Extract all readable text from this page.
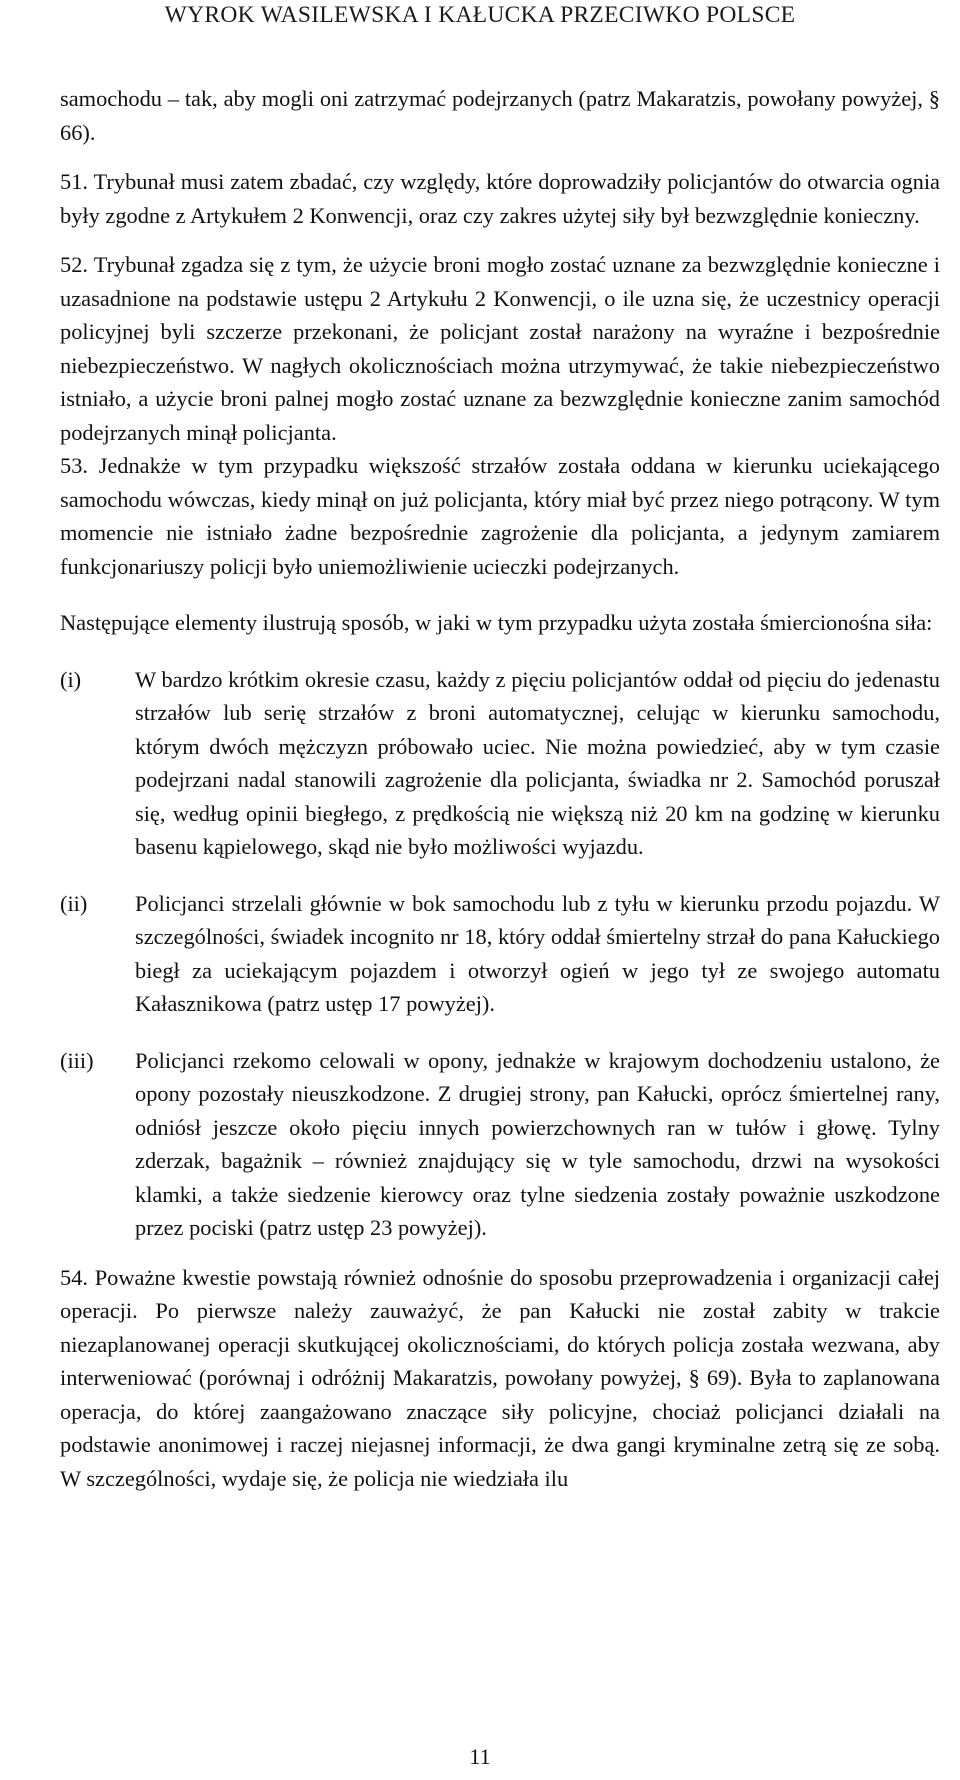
WYROK WASILEWSKA I KAŁUCKA PRZECIWKO POLSCE

samochodu – tak, aby mogli oni zatrzymać podejrzanych (patrz Makaratzis, powołany powyżej, § 66).

51. Trybunał musi zatem zbadać, czy względy, które doprowadziły policjantów do otwarcia ognia były zgodne z Artykułem 2 Konwencji, oraz czy zakres użytej siły był bezwzględnie konieczny.

52. Trybunał zgadza się z tym, że użycie broni mogło zostać uznane za bezwzględnie konieczne i uzasadnione na podstawie ustępu 2 Artykułu 2 Konwencji, o ile uzna się, że uczestnicy operacji policyjnej byli szczerze przekonani, że policjant został narażony na wyraźne i bezpośrednie niebezpieczeństwo. W nagłych okolicznościach można utrzymywać, że takie niebezpieczeństwo istniało, a użycie broni palnej mogło zostać uznane za bezwzględnie konieczne zanim samochód podejrzanych minął policjanta.

53. Jednakże w tym przypadku większość strzałów została oddana w kierunku uciekającego samochodu wówczas, kiedy minął on już policjanta, który miał być przez niego potrącony. W tym momencie nie istniało żadne bezpośrednie zagrożenie dla policjanta, a jedynym zamiarem funkcjonariuszy policji było uniemożliwienie ucieczki podejrzanych.

Następujące elementy ilustrują sposób, w jaki w tym przypadku użyta została śmiercionośna siła:

(i) W bardzo krótkim okresie czasu, każdy z pięciu policjantów oddał od pięciu do jedenastu strzałów lub serię strzałów z broni automatycznej, celując w kierunku samochodu, którym dwóch mężczyzn próbowało uciec. Nie można powiedzieć, aby w tym czasie podejrzani nadal stanowili zagrożenie dla policjanta, świadka nr 2. Samochód poruszał się, według opinii biegłego, z prędkością nie większą niż 20 km na godzinę w kierunku basenu kąpielowego, skąd nie było możliwości wyjazdu.
(ii) Policjanci strzelali głównie w bok samochodu lub z tyłu w kierunku przodu pojazdu. W szczególności, świadek incognito nr 18, który oddał śmiertelny strzał do pana Kałuckiego biegł za uciekającym pojazdem i otworzył ogień w jego tył ze swojego automatu Kałasznikowa (patrz ustęp 17 powyżej).
(iii) Policjanci rzekomo celowali w opony, jednakże w krajowym dochodzeniu ustalono, że opony pozostały nieuszkodzone. Z drugiej strony, pan Kałucki, oprócz śmiertelnej rany, odniósł jeszcze około pięciu innych powierzchownych ran w tułów i głowę. Tylny zderzak, bagażnik – również znajdujący się w tyle samochodu, drzwi na wysokości klamki, a także siedzenie kierowcy oraz tylne siedzenia zostały poważnie uszkodzone przez pociski (patrz ustęp 23 powyżej).

54. Poważne kwestie powstają również odnośnie do sposobu przeprowadzenia i organizacji całej operacji. Po pierwsze należy zauważyć, że pan Kałucki nie został zabity w trakcie niezaplanowanej operacji skutkującej okolicznościami, do których policja została wezwana, aby interweniować (porównaj i odróżnij Makaratzis, powołany powyżej, § 69). Była to zaplanowana operacja, do której zaangażowano znaczące siły policyjne, chociaż policjanci działali na podstawie anonimowej i raczej niejasnej informacji, że dwa gangi kryminalne zetrą się ze sobą. W szczególności, wydaje się, że policja nie wiedziała ilu

11
